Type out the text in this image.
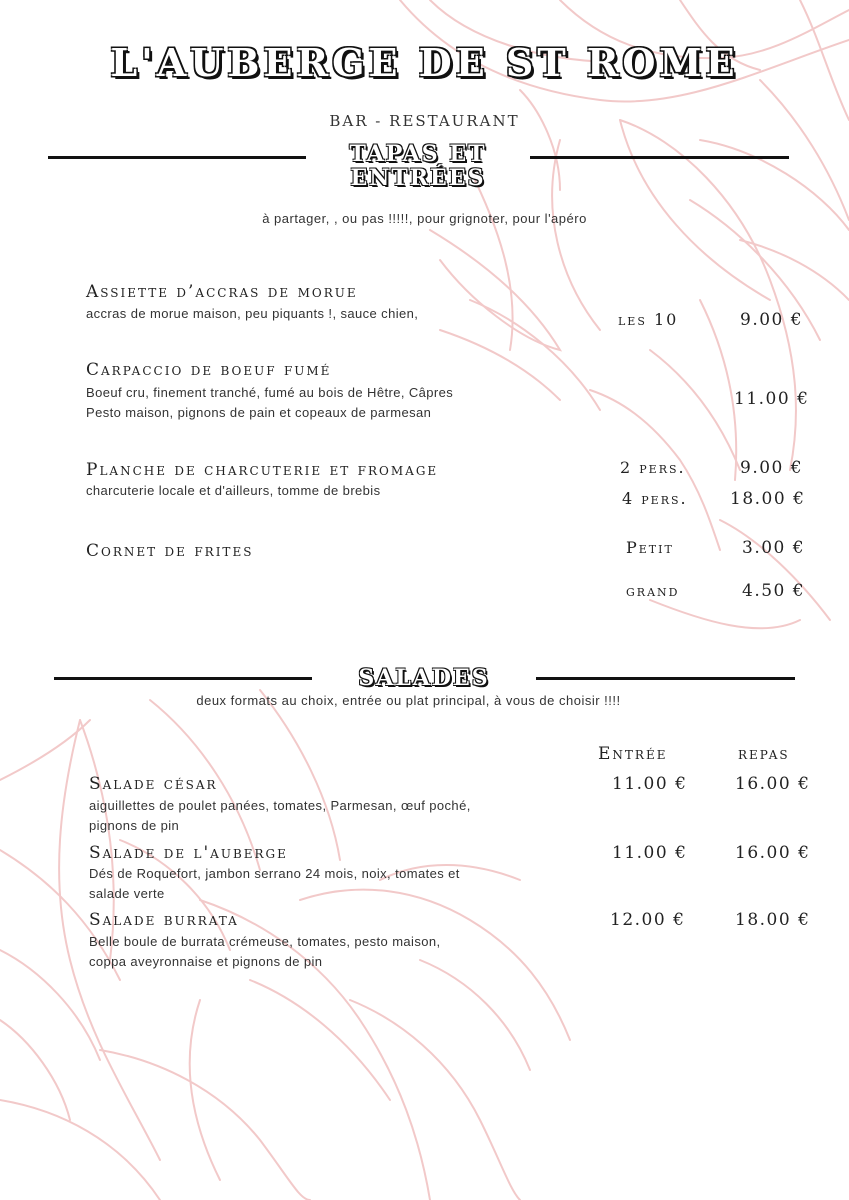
L'AUBERGE DE ST ROME
BAR - RESTAURANT
TAPAS ET
ENTRÉES
à partager, , ou pas !!!!!, pour grignoter, pour l'apéro
Assiette d’accras de morue
accras de morue maison, peu piquants !, sauce chien,	les 10	9.00 €
Carpaccio de boeuf fumé
Boeuf cru, finement tranché, fumé au bois de Hêtre, Câpres
Pesto maison, pignons de pain et copeaux de parmesan
11.00 €
Planche de charcuterie et fromage
charcuterie locale et d'ailleurs, tomme de brebis
2 pers.	9.00 €
4 pers. 18.00 €
Cornet de frites	Petit	3.00 €
grand	4.50 €
SALADES
deux formats au choix, entrée ou plat principal, à vous de choisir !!!!
Entrée	repas
Salade césar
aiguillettes de poulet panées, tomates, Parmesan, œuf poché,
pignons de pin
11.00 €	16.00 €
Salade de l'auberge
Dés de Roquefort, jambon serrano 24 mois, noix, tomates et
salade verte
11.00 €	16.00 €
Salade burrata
Belle boule de burrata crémeuse, tomates, pesto maison,
coppa aveyronnaise et pignons de pin
12.00 €	18.00 €
